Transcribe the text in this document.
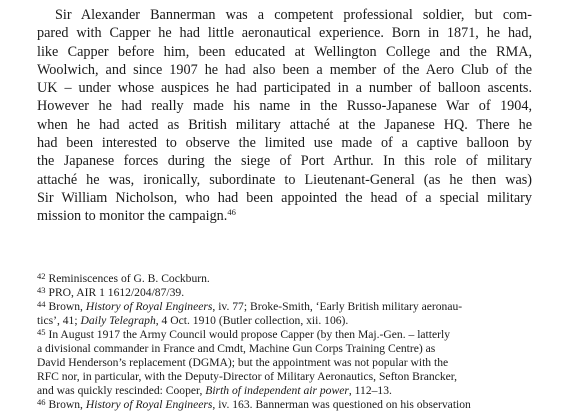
Sir Alexander Bannerman was a competent professional soldier, but com-
pared with Capper he had little aeronautical experience. Born in 1871, he had,
like Capper before him, been educated at Wellington College and the RMA,
Woolwich, and since 1907 he had also been a member of the Aero Club of the
UK – under whose auspices he had participated in a number of balloon ascents.
However he had really made his name in the Russo-Japanese War of 1904,
when he had acted as British military attaché at the Japanese HQ. There he
had been interested to observe the limited use made of a captive balloon by
the Japanese forces during the siege of Port Arthur. In this role of military
attaché he was, ironically, subordinate to Lieutenant-General (as he then was)
Sir William Nicholson, who had been appointed the head of a special military
mission to monitor the campaign.$^{46}$

$^{42}$ Reminiscences of G. B. Cockburn.
$^{43}$ PRO, AIR 1 1612/204/87/39.
$^{44}$ Brown, History of Royal Engineers, iv. 77; Broke-Smith, ‘Early British military aeronau-
tics’, 41; Daily Telegraph, 4 Oct. 1910 (Butler collection, xii. 106).
$^{45}$ In August 1917 the Army Council would propose Capper (by then Maj.-Gen. – latterly
a divisional commander in France and Cmdt, Machine Gun Corps Training Centre) as
David Henderson’s replacement (DGMA); but the appointment was not popular with the
RFC nor, in particular, with the Deputy-Director of Military Aeronautics, Sefton Brancker,
and was quickly rescinded: Cooper, Birth of independent air power, 112–13.
$^{46}$ Brown, History of Royal Engineers, iv. 163. Bannerman was questioned on his observation
